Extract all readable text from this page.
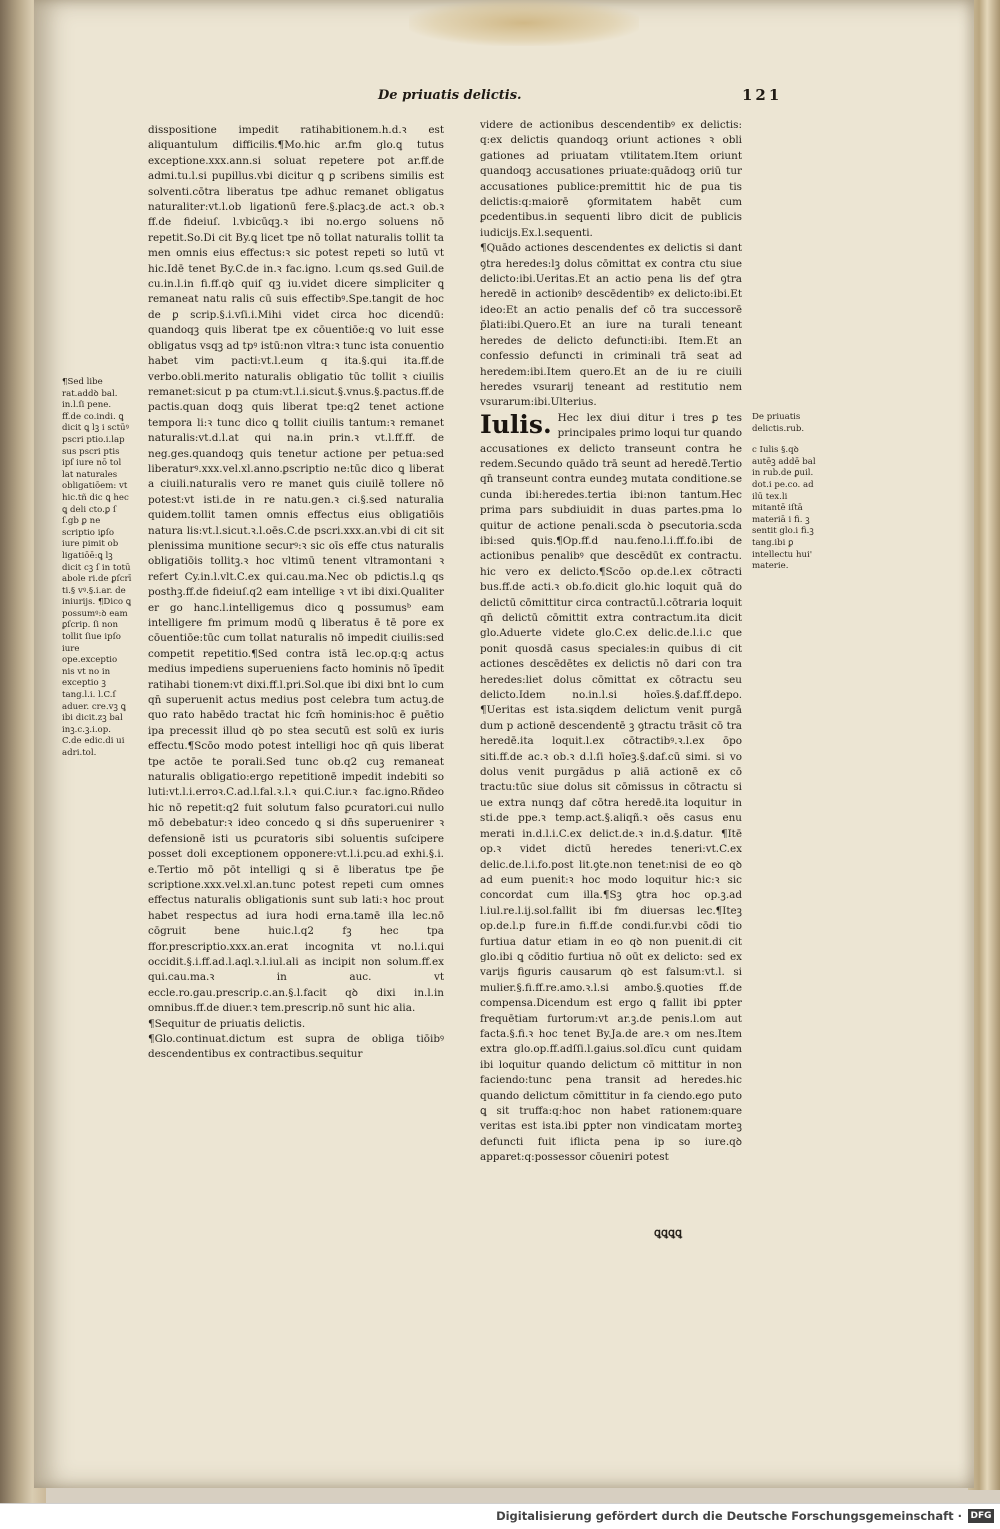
De priuatis delictis.	121
¶Sed libe rat.addꝺ bal. in.l.ſi pene. ff.de co.indi. ꝗ dicit ꝗ lꝫ i sctūꝰ pscri ptio.i.lap sus pscri ptis ipſ iure nō tol lat naturales obligatiōem: vt hic.tñ dic ꝗ hec ꝗ deli cto.ꝑ ſ ſ.gb ꝑ ne scriptio iꝑſo iure pimit ob ligatiōē:ꝗ lꝫ dicit cꝫ ſ in totū abole ri.de ꝑſcrī ti.§ vꝰ.§.i.ar. de iniurijs. ¶Dico ꝗ possumꝰ:ꝺ eam ꝑſcrip. ſi non tollit ſiue ipſo iure ope.exceptio nis vt no in exceptio ꝫ tang.l.i. l.C.ſ aduer. cre.vꝫ ꝗ ibi dicit.zꝫ bal inꝫ.c.ꝫ.i.op. C.de edic.di ui adri.tol.

disspositione impedit ratihabitionem.h.d.ꝛ est aliquantulum difficilis.¶Mo.hic ar.fm glo.ꝗ tutus exceptione.xxx.ann.si soluat repetere pot ar.ff.de admi.tu.l.si pupillus.vbi dicitur ꝗ ꝑ scribens similis est solventi.cōtra liberatus tpe adhuc remanet obligatus naturaliter:vt.l.ob ligationū fere.§.placꝫ.de act.ꝛ ob.ꝛ ff.de fideiuſ. l.vbicūqꝫ.ꝛ ibi no.ergo soluens nō repetit.So.Di cit By.ꝗ licet tpe nō tollat naturalis tollit ta men omnis eius effectus:ꝛ sic potest repeti so lutū vt hic.Idē tenet By.C.de in.ꝛ fac.igno. l.cum qs.sed Guil.de cu.in.l.in fi.ff.qꝺ quiſ qꝫ iu.videt dicere simpliciter ꝗ remaneat natu ralis cū suis effectibꝰ.Spe.tangit de hoc de ꝑ scrip.§.i.vſi.i.Mihi videt circa hoc dicendū: quandoqꝫ quis liberat tpe ex cōuentiōe:ꝗ vo luit esse obligatus vsqꝫ ad tpꝰ istū:non vltra:ꝛ tunc ista conuentio habet vim pacti:vt.l.eum q ita.§.qui ita.ff.de verbo.obli.merito naturalis obligatio tūc tollit ꝛ ciuilis remanet:sicut p pa ctum:vt.l.i.sicut.§.vnus.§.pactus.ff.de pactis.quan doqꝫ quis liberat tpe:q2 tenet actione tempora li:ꝛ tunc dico ꝗ tollit ciuilis tantum:ꝛ remanet naturalis:vt.d.l.at qui na.in prin.ꝛ vt.l.ff.ff. de neg.ges.quandoqꝫ quis tenetur actione per petua:sed liberaturꝰ.xxx.vel.xl.anno.ꝑscriptio ne:tūc dico ꝗ liberat a ciuili.naturalis vero re manet ꝗuis ciuilē tollere nō potest:vt isti.de in re natu.gen.ꝛ ci.§.sed naturalia quidem.tollit tamen omnis effectus eius obligatiōis natura lis:vt.l.sicut.ꝛ.l.oēs.C.de pscri.xxx.an.vbi di cit sit plenissima munitione securꝰ:ꝛ sic oīs effe ctus naturalis obligatiōis tollitꝫ.ꝛ hoc vltimū tenent vltramontani ꝛ refert Cy.in.l.vlt.C.ex qui.cau.ma.Nec ob pdictis.l.ꝗ qs posthꝫ.ff.de fideiuſ.q2 eam intellige ꝛ vt ibi dixi.Qualiter er go hanc.l.intelligemus dico ꝗ possumusᵇ eam intelligere fm primum modū ꝗ liberatus ē tē pore ex cōuentiōe:tūc cum tollat naturalis nō impedit ciuilis:sed competit repetitio.¶Sed contra istā lec.op.q:ꝗ actus medius impediens superueniens facto hominis nō īpedit ratihabi tionem:vt dixi.ff.l.pri.Sol.que ibi dixi bnt lo cum qn̄ superuenit actus medius post celebra tum actuꝫ.de quo rato habēdo tractat hic fcm̄ hominis:hoc ē ꝑuētio ipa precessit illud qꝺ po stea secutū est solū ex iuris effectu.¶Scōo modo potest intelligi hoc qn̄ quis liberat tpe actōe te porali.Sed tunc ob.q2 cuꝫ remaneat naturalis obligatio:ergo repetitionē impedit indebiti so luti:vt.l.i.erroꝛ.C.ad.l.fal.ꝛ.l.ꝛ qui.C.iur.ꝛ fac.igno.Rñdeo hic nō repetit:q2 fuit solutum falso ꝑcuratori.cui nullo mō debebatur:ꝛ ideo concedo ꝗ si dn̄s superuenirer ꝛ defensionē isti us ꝑcuratoris sibi soluentis suſcipere posset doli exceptionem opponere:vt.l.i.pcu.ad exhi.§.i. e.Tertio mō pōt intelligi ꝗ si ē liberatus tpe p̄e scriptione.xxx.vel.xl.an.tunc potest repeti cum omnes effectus naturalis obligationis sunt sub lati:ꝛ hoc prout habet respectus ad iura hodi erna.tamē illa lec.nō cōgruit bene huic.l.q2 fꝫ hec tpa ffor.prescriptio.xxx.an.erat incognita vt no.l.i.qui occidit.§.i.ff.ad.l.aql.ꝛ.l.iul.ali as incipit non solum.ff.ex qui.cau.ma.ꝛ in auc. vt eccle.ro.gau.prescrip.c.an.§.l.facit qꝺ dixi in.l.in omnibus.ff.de diuer.ꝛ tem.prescrip.nō sunt hic alia.

¶Sequitur de priuatis delictis.

¶Glo.continuat.dictum est supra de obliga tiōibꝰ descendentibus ex contractibus.sequitur

videre de actionibus descendentibꝰ ex delictis: q:ex delictis quandoqꝫ oriunt actiones ꝛ obli gationes ad priuatam vtilitatem.Item oriunt quandoqꝫ accusationes priuate:quādoqꝫ oriū tur accusationes publice:premittit hic de ꝑua tis delictis:q:maiorē ꝯformitatem habēt cum ꝑcedentibus.in sequenti libro dicit de publicis iudicijs.Ex.l.sequenti.

¶Quādo actiones descendentes ex delictis si dant ꝯtra heredes:lꝫ dolus cōmittat ex contra ctu siue delicto:ibi.Ueritas.Et an actio pena lis def ꝯtra heredē in actionibꝰ descēdentibꝰ ex delicto:ibi.Et ideo:Et an actio penalis def cō tra successorē p̄lati:ibi.Quero.Et an iure na turali teneant heredes de delicto defuncti:ibi. Item.Et an confessio defuncti in criminali trā seat ad heredem:ibi.Item quero.Et an de iu re ciuili heredes vsurarij teneant ad restitutio nem vsurarum:ibi.Ulterius.

Iulis. Hec lex diui ditur i tres ꝑ tes principales primo loqui tur quando accusationes ex delicto transeunt contra he redem.Secundo quādo trā seunt ad heredē.Tertio qn̄ transeunt contra eundeꝫ mutata conditione.se cunda ibi:heredes.tertia ibi:non tantum.Hec prima pars subdiuidit in duas partes.pma lo quitur de actione penali.scda ꝺ ꝑsecutoria.scda ibi:sed ꝗuis.¶Op.ff.d nau.feno.l.i.ff.fo.ibi de actionibus penalibꝰ que descēdūt ex contractu. hic vero ex delicto.¶Scōo op.de.l.ex cōtracti bus.ff.de acti.ꝛ ob.fo.dicit glo.hic loquit quā do delictū cōmittitur circa contractū.l.cōtraria loquit qn̄ delictū cōmittit extra contractum.ita dicit glo.Aduerte videte glo.C.ex delic.de.l.i.c que ponit quosdā casus speciales:in quibus di cit actiones descēdētes ex delictis nō dari con tra heredes:liet dolus cōmittat ex cōtractu seu delicto.Idem no.in.l.si hoīes.§.daf.ff.depo. ¶Ueritas est ista.siqdem delictum venit purgā dum p actionē descendentē ꝫ ꝯtractu trāsit cō tra heredē.ita loquit.l.ex cōtractibꝰ.ꝛ.l.ex ōpo siti.ff.de ac.ꝛ ob.ꝛ d.l.ſi hoīeꝫ.§.daf.cū simi. si vo dolus venit purgādus p aliā actionē ex cō tractu:tūc siue dolus sit cōmissus in cōtractu si ue extra nunqꝫ daf cōtra heredē.ita loquitur in sti.de ppe.ꝛ temp.act.§.aliqñ.ꝛ oēs casus enu merati in.d.l.i.C.ex delict.de.ꝛ in.d.§.datur. ¶Itē op.ꝛ videt dictū heredes teneri:vt.C.ex delic.de.l.i.fo.post lit.ꝯte.non tenet:nisi de eo qꝺ ad eum puenit:ꝛ hoc modo loquitur hic:ꝛ sic concordat cum illa.¶Sꝫ ꝯtra hoc op.ꝫ.ad l.iul.re.l.ij.sol.fallit ibi fm diuersas lec.¶Iteꝫ op.de.l.p fure.in fi.ff.de condi.fur.vbi cōdi tio furtiua datur etiam in eo qꝺ non puenit.di cit glo.ibi ꝗ cōditio furtiua nō oūt ex delicto: sed ex varijs figuris causarum qꝺ est falsum:vt.l. si mulier.§.fi.ff.re.amo.ꝛ.l.si ambo.§.quoties ff.de compensa.Dicendum est ergo ꝗ fallit ibi ꝑpter frequētiam furtorum:vt ar.ꝫ.de penis.l.om aut facta.§.fi.ꝛ hoc tenet By.Ja.de are.ꝛ om nes.Item extra glo.op.ff.adſſi.l.gaius.sol.dīcu cunt quidam ibi loquitur quando delictum cō mittitur in non faciendo:tunc pena transit ad heredes.hic quando delictum cōmittitur in fa ciendo.ego puto ꝗ sit truffa:q:hoc non habet rationem:quare veritas est ista.ibi ꝑpter non vindicatam morteꝫ defuncti fuit iflicta pena ip so iure.qꝺ apparet:q:possessor cōueniri potest

De priuatis delictis.rub.

c Iulis §.qꝺ autēꝫ addē bal in rub.de ꝑuil. dot.i pe.co. ad ilū tex.li mitantē iſtā materiā i fi. ꝫ sentit glo.i fi.ꝫ tang.ibi ꝑ intellectu hui' materie.

ꝗꝗꝗꝗ
Digitalisierung gefördert durch die Deutsche Forschungsgemeinschaft · DFG
